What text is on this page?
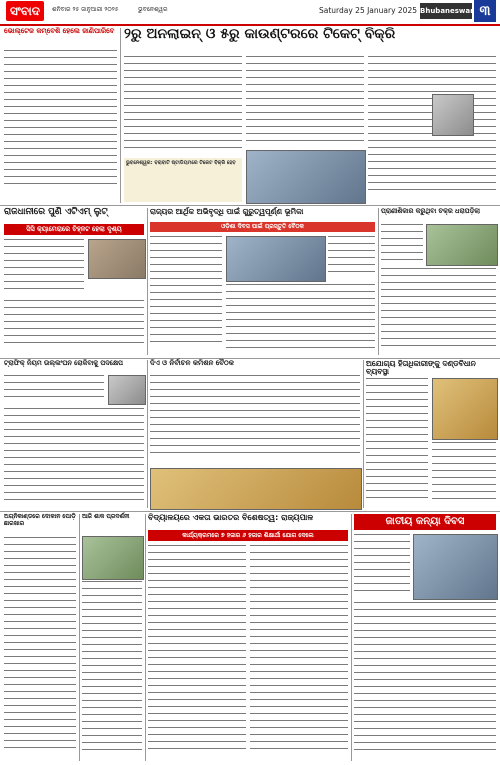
ସଂବାଦ	ଶନିବାର ୨୫ ଜାନୁଆରୀ ୨୦୨୫	ଭୁବନେଶ୍ୱର	Saturday 25 January 2025 Bhubaneswar ୩
ଭୋଲ୍ଟେଜ କମ୍‌ବେଶି ହେଲେ ଜାଣିପାରିବେ ୨ରୁ ଅନଲାଇନ୍ ଓ ୫ରୁ କାଉଣ୍ଟରରେ ଟିକେଟ୍ ବିକ୍ରି
ଭୁବନେଶ୍ୱର: ବରାବାଟି ଷ୍ଟାଡିୟମରେ ଟିକେଟ ବିକ୍ରି ହେବ
ରାଜଧାନୀରେ ପୁଣି ଏଟିଏମ୍ ଲୁଟ୍
ସିସି କ୍ୟାମେରାରେ ଚିହ୍ନଟ ହେଲା ଦୃଶ୍ୟ
ରାଜ୍ୟର ଆର୍ଥିକ ଅଭିବୃଦ୍ଧି ପାଇଁ ଗୁରୁତ୍ୱପୂର୍ଣ୍ଣ ଭୂମିକା
ଓଡ଼ିଶା ଦିବସ ପାଇଁ ପ୍ରସ୍ତୁତି ବୈଠକ
ପ୍ରାଣୀଶିକାର କରୁଥିବା ଚକ୍ର ଧରାପଡ଼ିଲା
ଟ୍ରାଫିକ୍ ନିୟମ ଉଲ୍ଲଂଘନ ରୋକିବାକୁ ପଦକ୍ଷେପ	ଦିଏ ଓ ନିର୍ବାଚନ କମିଶନ ବୈଠକ	ଅଯୋଗ୍ୟ ହିତାଧିକାରୀଙ୍କୁ ଦଣ୍ଡବିଧାନ ବ୍ୟବସ୍ଥା
ଅଗ୍ନିକାଣ୍ଡରେ ଦୋକାନ ପୋଡ଼ି ଛାରଖାର
ଆଜି ଶାକ ପ୍ରଦର୍ଶନୀ	ବିଦ୍ୟାଳୟରେ ଏକତା ଭାରତର ବିଶେଷତ୍ୱ: ରାଜ୍ୟପାଳ
କାର୍ଯ୍ୟକ୍ରମରେ ୭ ହଜାର ୬ ହଜାର ଶିକ୍ଷାର୍ଥୀ ଯୋଗ ଦେଲେ
ଜାତୀୟ କନ୍ୟା ଦିବସ
